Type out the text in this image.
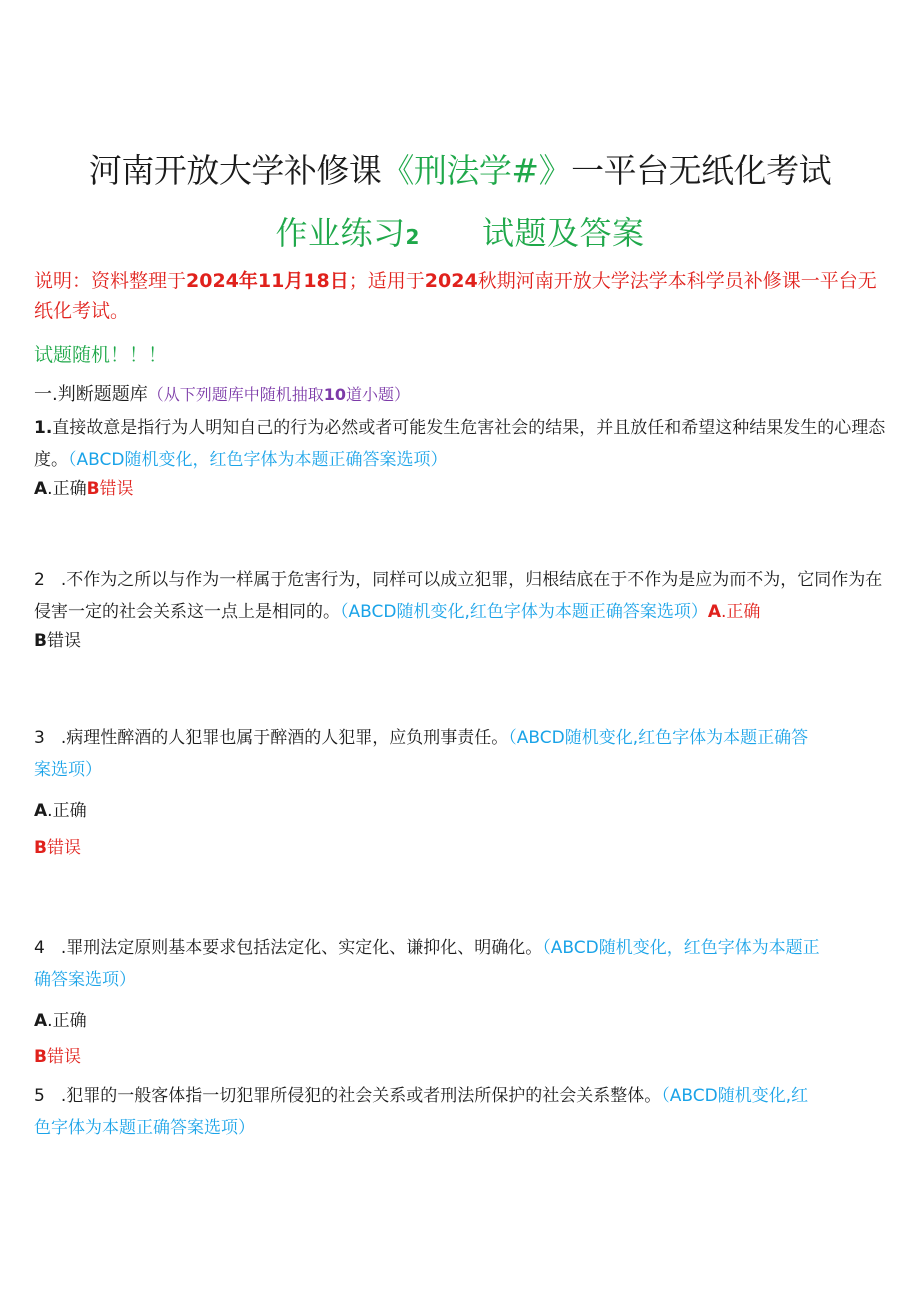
河南开放大学补修课《刑法学#》一平台无纸化考试
作业练习2 试题及答案
说明：资料整理于2024年11月18日；适用于2024秋期河南开放大学法学本科学员补修课一平台无纸化考试。
试题随机！！！
一.判断题题库（从下列题库中随机抽取10道小题）
1.直接故意是指行为人明知自己的行为必然或者可能发生危害社会的结果，并且放任和希望这种结果发生的心理态度。（ABCD随机变化，红色字体为本题正确答案选项）
A.正确B错误
2 .不作为之所以与作为一样属于危害行为，同样可以成立犯罪，归根结底在于不作为是应为而不为，它同作为在侵害一定的社会关系这一点上是相同的。（ABCD随机变化,红色字体为本题正确答案选项）A.正确
B错误
3 .病理性醉酒的人犯罪也属于醉酒的人犯罪，应负刑事责任。（ABCD随机变化,红色字体为本题正确答案选项）
A.正确
B错误
4 .罪刑法定原则基本要求包括法定化、实定化、谦抑化、明确化。（ABCD随机变化，红色字体为本题正确答案选项）
A.正确
B错误
5 .犯罪的一般客体指一切犯罪所侵犯的社会关系或者刑法所保护的社会关系整体。（ABCD随机变化,红色字体为本题正确答案选项）
